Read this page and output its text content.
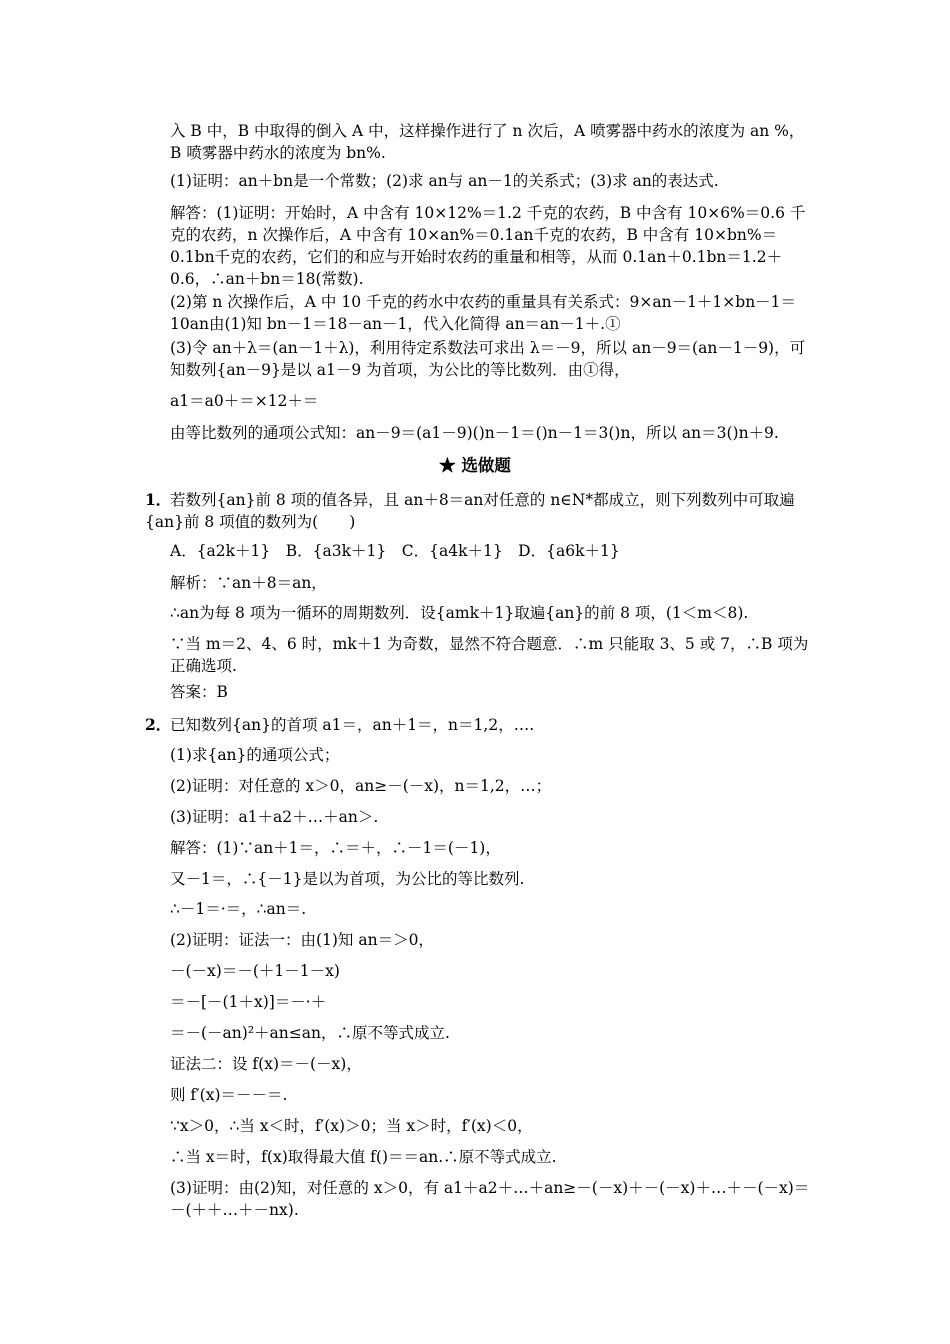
入 B 中，B 中取得的倒入 A 中，这样操作进行了 n 次后，A 喷雾器中药水的浓度为 an %，B 喷雾器中药水的浓度为 bn%.
(1)证明：an＋bn是一个常数；(2)求 an与 an－1的关系式；(3)求 an的表达式.
解答：(1)证明：开始时，A 中含有 10×12%＝1.2 千克的农药，B 中含有 10×6%＝0.6 千克的农药，n 次操作后，A 中含有 10×an%＝0.1an千克的农药，B 中含有 10×bn%＝0.1bn千克的农药，它们的和应与开始时农药的重量和相等，从而 0.1an＋0.1bn＝1.2＋0.6，∴an＋bn＝18(常数).
(2)第 n 次操作后，A 中 10 千克的药水中农药的重量具有关系式：9×an－1＋1×bn－1＝10an由(1)知 bn－1＝18－an－1，代入化简得 an＝an－1＋.①
(3)令 an＋λ＝(an－1＋λ)，利用待定系数法可求出 λ＝－9，所以 an－9＝(an－1－9)，可知数列{an－9}是以 a1－9 为首项，为公比的等比数列．由①得，
a1＝a0＋＝×12＋＝
由等比数列的通项公式知：an－9＝(a1－9)()n－1＝()n－1＝3()n，所以 an＝3()n＋9.
★ 选做题
1．若数列{an}前 8 项的值各异，且 an＋8＝an对任意的 n∈N*都成立，则下列数列中可取遍{an}前 8 项值的数列为(　　)
A．{a2k＋1}　B．{a3k＋1}　C．{a4k＋1}　D．{a6k＋1}
解析：∵an＋8＝an，
∴an为每 8 项为一循环的周期数列．设{amk＋1}取遍{an}的前 8 项，(1＜m＜8).
∵当 m＝2、4、6 时，mk＋1 为奇数，显然不符合题意．∴m 只能取 3、5 或 7，∴B 项为正确选项.
答案：B
2．已知数列{an}的首项 a1＝，an＋1＝，n＝1,2，….
(1)求{an}的通项公式；
(2)证明：对任意的 x＞0，an≥－(－x)，n＝1,2，…；
(3)证明：a1＋a2＋…＋an＞.
解答：(1)∵an＋1＝，∴＝＋，∴－1＝(－1)，
又－1＝，∴{－1}是以为首项，为公比的等比数列.
∴－1＝·＝，∴an＝.
(2)证明：证法一：由(1)知 an＝＞0，
－(－x)＝－(＋1－1－x)
＝－[－(1＋x)]＝－·＋
＝－(－an)²＋an≤an，∴原不等式成立.
证法二：设 f(x)＝－(－x)，
则 f′(x)＝－－＝.
∵x＞0，∴当 x＜时，f′(x)＞0；当 x＞时，f′(x)＜0，
∴当 x＝时，f(x)取得最大值 f()＝＝an.∴原不等式成立.
(3)证明：由(2)知，对任意的 x＞0，有 a1＋a2＋…＋an≥－(－x)＋－(－x)＋…＋－(－x)＝－(＋＋…＋－nx).
